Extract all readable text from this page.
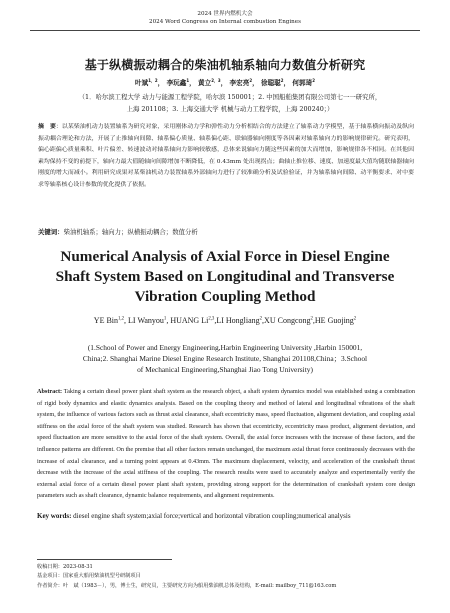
2024 世界内燃机大会
2024 Word Congress on Internal combustion Engines
基于纵横振动耦合的柴油机轴系轴向力数值分析研究
叶斌$^{1,2}$， 李玩鑫$^1$， 黄立$^{2,3}$， 李宏亮$^2$， 徐聪聪$^2$， 何郭琦$^2$
（1．哈尔滨工程大学 动力与能源工程学院，哈尔滨 150001；2. 中国船舶集团有限公司第七一一研究所，
上海 201108；3. 上海交通大学 机械与动力工程学院，上海 200240；）
摘　要：以某柴油机动力装置轴系为研究对象，采用刚体动力学和弹性动力分析相结合的方法建立了轴系动力学模型，基于轴系横向振动及纵向振动耦合理论和方法，开展了止推轴向间隙、轴系偏心质量、轴系偏心距、联轴器轴向刚度等各因素对轴系轴向力的影响规律研究。研究表明，偏心距偏心质量乘积、叶片偏差、转速波动对轴系轴向力影响较敏感，总体来说轴向力随这些因素的加大而增加，影响规律各不相同。在其他因素均保持不变的前提下，轴向力最大值随轴向间隙增加不断降低，在 0.43mm 处出现拐点；曲轴止推位移、速度、加速度最大值均随联轴器轴向刚度的增大而减小。利用研究成果对某柴油机动力装置轴系外部轴向力进行了较准确分析及试验验证，并为轴系轴向间隙、动平衡要求、对中要求等轴系核心设计参数的优化提供了依据。
关键词：柴油机轴系；轴向力；纵横振动耦合；数值分析
Numerical Analysis of Axial Force in Diesel Engine
Shaft System Based on Longitudinal and Transverse
Vibration Coupling Method
YE Bin$^{1,2}$, LI Wanyou$^1$, HUANG Li$^{2,3}$,LI Hongliang$^2$,XU Congcong$^2$,HE Guojing$^2$
(1.School of Power and Energy Engineering,Harbin Engineering University ,Harbin 150001,
China;2. Shanghai Marine Diesel Engine Research Institute, Shanghai 201108,China；3.School
of Mechanical Engineering,Shanghai Jiao Tong University)
Abstract: Taking a certain diesel power plant shaft system as the research object, a shaft system dynamics model was established using a combination of rigid body dynamics and elastic dynamics analysis. Based on the coupling theory and method of lateral and longitudinal vibrations of the shaft system, the influence of various factors such as thrust axial clearance, shaft eccentricity mass, speed fluctuation, alignment deviation, and coupling axial stiffness on the axial force of the shaft system was studied. Research has shown that eccentricity, eccentricity mass product, alignment deviation, and speed fluctuation are more sensitive to the axial force of the shaft system. Overall, the axial force increases with the increase of these factors, and the influence patterns are different. On the premise that all other factors remain unchanged, the maximum axial thrust force continuously decreases with the increase of axial clearance, and a turning point appears at 0.43mm. The maximum displacement, velocity, and acceleration of the crankshaft thrust decrease with the increase of the axial stiffness of the coupling. The research results were used to accurately analyze and experimentally verify the external axial force of a certain diesel power plant shaft system, providing strong support for the determination of crankshaft system core design parameters such as shaft clearance, dynamic balance requirements, and alignment requirements.
Key words: diesel engine shaft system;axial force;vertical and horizontal vibration coupling;numerical analysis
收稿日期：2023-08-31
基金项目：国家重大船用柴油机型号研制项目
作者简介：叶　斌（1983－），男，博士生，研究员，主要研究方向为船用柴油机总体及结构，E-mail: mailboy_711@163.com
